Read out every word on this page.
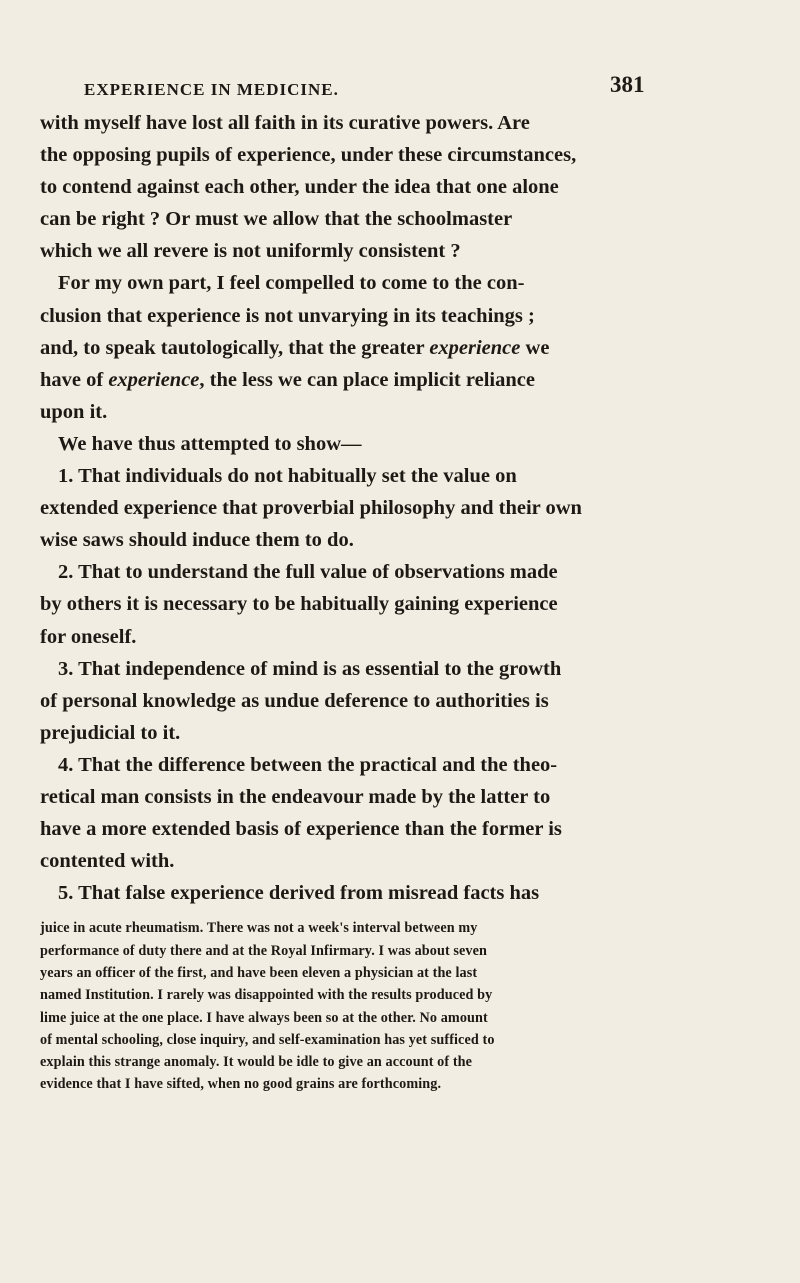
EXPERIENCE IN MEDICINE.	381
with myself have lost all faith in its curative powers. Are
the opposing pupils of experience, under these circumstances,
to contend against each other, under the idea that one alone
can be right ? Or must we allow that the schoolmaster
which we all revere is not uniformly consistent ?
For my own part, I feel compelled to come to the con-
clusion that experience is not unvarying in its teachings ;
and, to speak tautologically, that the greater experience we
have of experience, the less we can place implicit reliance
upon it.
We have thus attempted to show—
1. That individuals do not habitually set the value on
extended experience that proverbial philosophy and their own
wise saws should induce them to do.
2. That to understand the full value of observations made
by others it is necessary to be habitually gaining experience
for oneself.
3. That independence of mind is as essential to the growth
of personal knowledge as undue deference to authorities is
prejudicial to it.
4. That the difference between the practical and the theo-
retical man consists in the endeavour made by the latter to
have a more extended basis of experience than the former is
contented with.
5. That false experience derived from misread facts has
juice in acute rheumatism. There was not a week's interval between my
performance of duty there and at the Royal Infirmary. I was about seven
years an officer of the first, and have been eleven a physician at the last
named Institution. I rarely was disappointed with the results produced by
lime juice at the one place. I have always been so at the other. No amount
of mental schooling, close inquiry, and self-examination has yet sufficed to
explain this strange anomaly. It would be idle to give an account of the
evidence that I have sifted, when no good grains are forthcoming.
